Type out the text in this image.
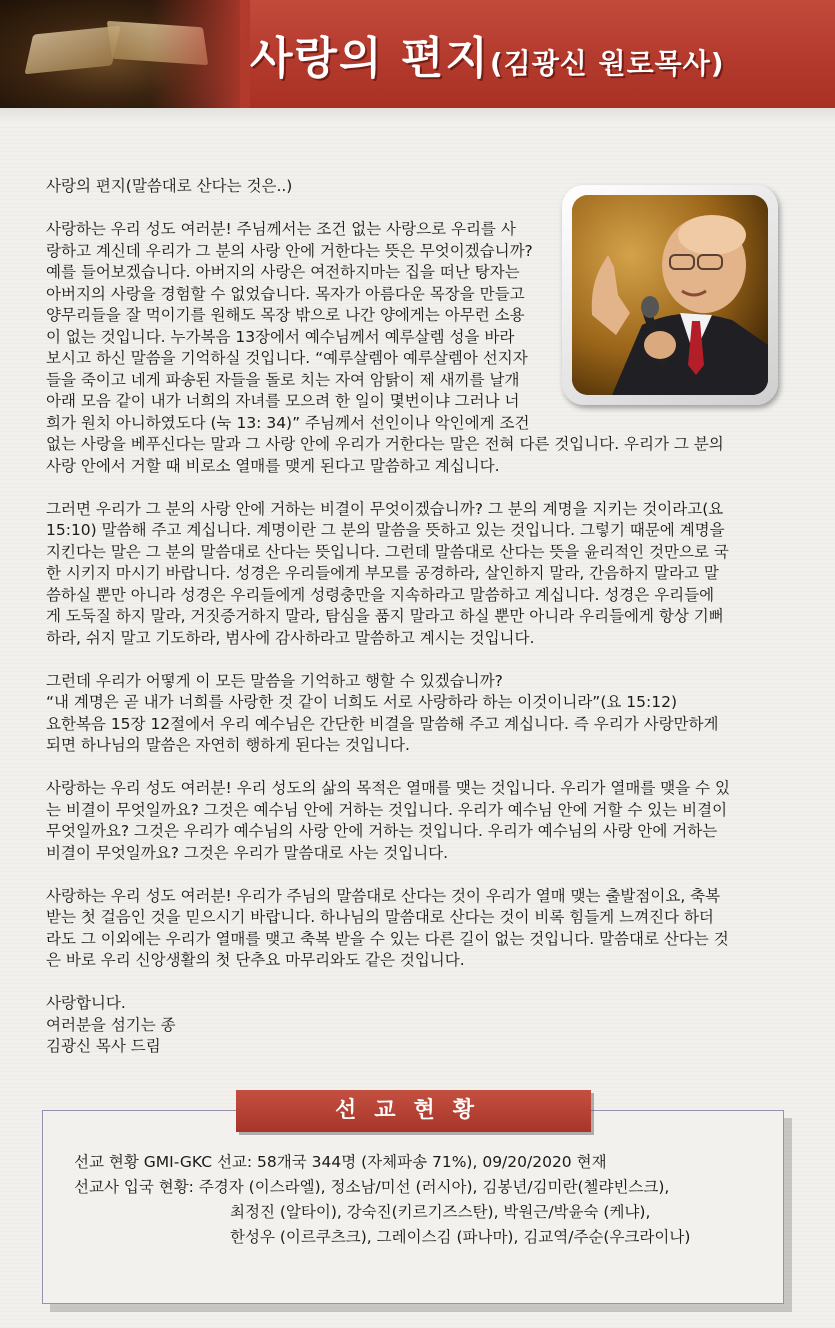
사랑의 편지(김광신 원로목사)

사랑의 편지(말씀대로 산다는 것은..)

사랑하는 우리 성도 여러분! 주님께서는 조건 없는 사랑으로 우리를 사
랑하고 계신데 우리가 그 분의 사랑 안에 거한다는 뜻은 무엇이겠습니까?
예를 들어보겠습니다. 아버지의 사랑은 여전하지마는 집을 떠난 탕자는
아버지의 사랑을 경험할 수 없었습니다. 목자가 아름다운 목장을 만들고
양무리들을 잘 먹이기를 원해도 목장 밖으로 나간 양에게는 아무런 소용
이 없는 것입니다. 누가복음 13장에서 예수님께서 예루살렘 성을 바라
보시고 하신 말씀을 기억하실 것입니다. “예루살렘아 예루살렘아 선지자
들을 죽이고 네게 파송된 자들을 돌로 치는 자여 암탉이 제 새끼를 날개
아래 모음 같이 내가 너희의 자녀를 모으려 한 일이 몇번이냐 그러나 너
희가 원치 아니하였도다 (눅 13: 34)” 주님께서 선인이나 악인에게 조건
없는 사랑을 베푸신다는 말과 그 사랑 안에 우리가 거한다는 말은 전혀 다른 것입니다. 우리가 그 분의
사랑 안에서 거할 때 비로소 열매를 맺게 된다고 말씀하고 계십니다.

그러면 우리가 그 분의 사랑 안에 거하는 비결이 무엇이겠습니까? 그 분의 계명을 지키는 것이라고(요
15:10) 말씀해 주고 계십니다. 계명이란 그 분의 말씀을 뜻하고 있는 것입니다. 그렇기 때문에 계명을
지킨다는 말은 그 분의 말씀대로 산다는 뜻입니다. 그런데 말씀대로 산다는 뜻을 윤리적인 것만으로 국
한 시키지 마시기 바랍니다. 성경은 우리들에게 부모를 공경하라, 살인하지 말라, 간음하지 말라고 말
씀하실 뿐만 아니라 성경은 우리들에게 성령충만을 지속하라고 말씀하고 계십니다. 성경은 우리들에
게 도둑질 하지 말라, 거짓증거하지 말라, 탐심을 품지 말라고 하실 뿐만 아니라 우리들에게 항상 기뻐
하라, 쉬지 말고 기도하라, 범사에 감사하라고 말씀하고 계시는 것입니다.

그런데 우리가 어떻게 이 모든 말씀을 기억하고 행할 수 있겠습니까?
“내 계명은 곧 내가 너희를 사랑한 것 같이 너희도 서로 사랑하라 하는 이것이니라”(요 15:12)
요한복음 15장 12절에서 우리 예수님은 간단한 비결을 말씀해 주고 계십니다. 즉 우리가 사랑만하게
되면 하나님의 말씀은 자연히 행하게 된다는 것입니다.

사랑하는 우리 성도 여러분! 우리 성도의 삶의 목적은 열매를 맺는 것입니다. 우리가 열매를 맺을 수 있
는 비결이 무엇일까요? 그것은 예수님 안에 거하는 것입니다. 우리가 예수님 안에 거할 수 있는 비결이
무엇일까요? 그것은 우리가 예수님의 사랑 안에 거하는 것입니다. 우리가 예수님의 사랑 안에 거하는
비결이 무엇일까요? 그것은 우리가 말씀대로 사는 것입니다.

사랑하는 우리 성도 여러분! 우리가 주님의 말씀대로 산다는 것이 우리가 열매 맺는 출발점이요, 축복
받는 첫 걸음인 것을 믿으시기 바랍니다. 하나님의 말씀대로 산다는 것이 비록 힘들게 느껴진다 하더
라도 그 이외에는 우리가 열매를 맺고 축복 받을 수 있는 다른 길이 없는 것입니다. 말씀대로 산다는 것
은 바로 우리 신앙생활의 첫 단추요 마무리와도 같은 것입니다.

사랑합니다.
여러분을 섬기는 종
김광신 목사 드림

선교현황
선교 현황 GMI-GKC 선교: 58개국 344명 (자체파송 71%), 09/20/2020 현재
선교사 입국 현황: 주경자 (이스라엘), 정소남/미선 (러시아), 김봉년/김미란(첼랴빈스크),
최정진 (알타이), 강숙진(키르기즈스탄), 박원근/박윤숙 (케냐),
한성우 (이르쿠츠크), 그레이스김 (파나마), 김교역/주순(우크라이나)
